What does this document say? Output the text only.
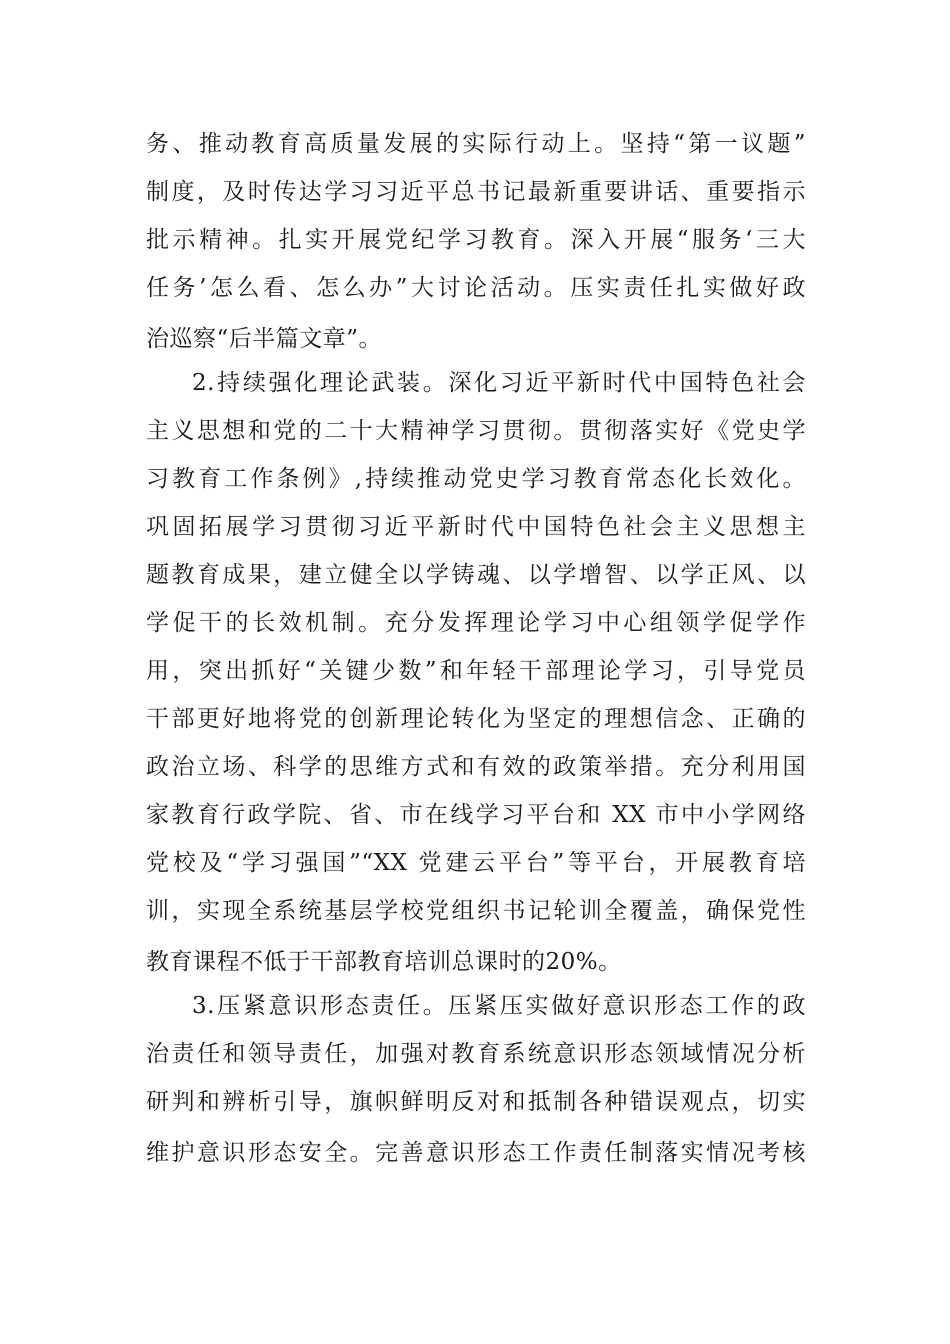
务、推动教育高质量发展的实际行动上。坚持“第一议题”
制度，及时传达学习习近平总书记最新重要讲话、重要指示
批示精神。扎实开展党纪学习教育。深入开展“服务‘三大
任务’怎么看、怎么办”大讨论活动。压实责任扎实做好政
治巡察“后半篇文章”。
2.持续强化理论武装。深化习近平新时代中国特色社会
主义思想和党的二十大精神学习贯彻。贯彻落实好《党史学
习教育工作条例》,持续推动党史学习教育常态化长效化。
巩固拓展学习贯彻习近平新时代中国特色社会主义思想主
题教育成果，建立健全以学铸魂、以学增智、以学正风、以
学促干的长效机制。充分发挥理论学习中心组领学促学作
用，突出抓好“关键少数”和年轻干部理论学习，引导党员
干部更好地将党的创新理论转化为坚定的理想信念、正确的
政治立场、科学的思维方式和有效的政策举措。充分利用国
家教育行政学院、省、市在线学习平台和 XX 市中小学网络
党校及“学习强国”“XX 党建云平台”等平台，开展教育培
训，实现全系统基层学校党组织书记轮训全覆盖，确保党性
教育课程不低于干部教育培训总课时的20%。
3.压紧意识形态责任。压紧压实做好意识形态工作的政
治责任和领导责任，加强对教育系统意识形态领域情况分析
研判和辨析引导，旗帜鲜明反对和抵制各种错误观点，切实
维护意识形态安全。完善意识形态工作责任制落实情况考核
